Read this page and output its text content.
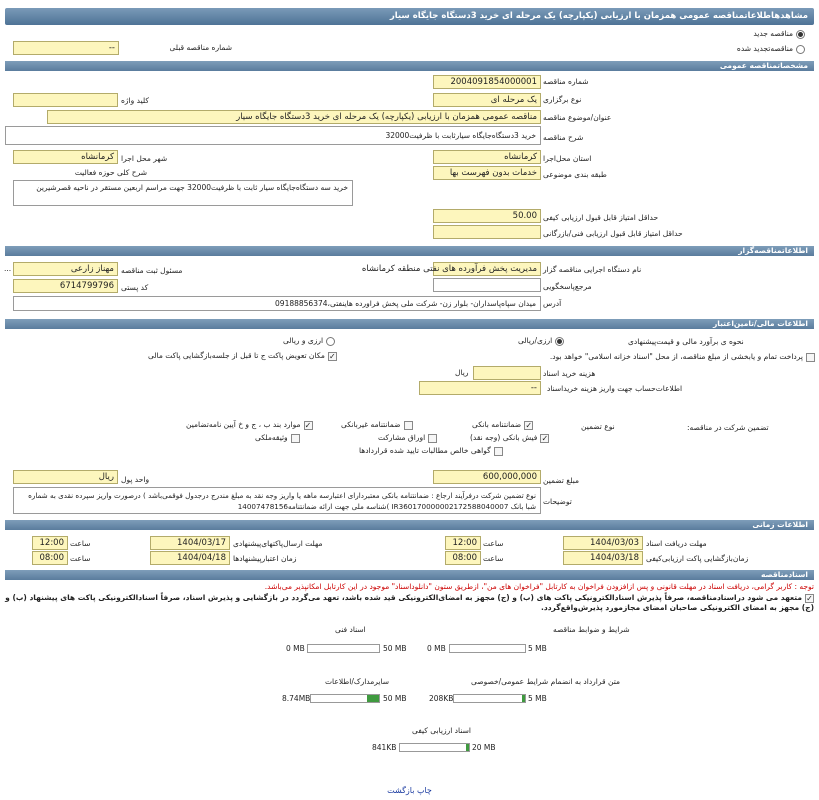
مشاهدهاطلاعاتمناقصه عمومی همزمان با ارزیابی (یکپارچه) یک مرحله ای خرید 3دستگاه جایگاه سیار
مناقصه جدید
مناقصه‌تجدید شده
شماره مناقصه قبلی
--
مشخصاتمناقصه عمومی
شماره مناقصه
2004091854000001
نوع برگزاری
یک مرحله ای
کلید واژه
عنوان/موضوع مناقصه
مناقصه عمومی همزمان با ارزیابی (یکپارچه) یک مرحله ای خرید 3دستگاه جایگاه سیار
شرح مناقصه
خرید 3دستگاه‌جایگاه سیارثابت با ظرفیت32000
استان محل‌اجرا
کرمانشاه
شهر محل اجرا
کرمانشاه
طبقه بندی موضوعی
خدمات بدون فهرست بها
شرح کلی حوزه فعالیت
خرید سه دستگاه‌جایگاه سیار ثابت با ظرفیت32000 جهت مراسم اربعین مستقر در ناحیه قصرشیرین
حداقل امتیاز قابل قبول ارزیابی کیفی
50.00
حداقل امتیاز قابل قبول ارزیابی فنی/بازرگانی
اطلاعاتمناقصه‌گزار
نام دستگاه اجرایی مناقصه گزار
مدیریت پخش فرآورده های نفتی منطقه کرمانشاه
مسئول ثبت مناقصه
مهناز زارعی
...
مرجع‌پاسخگویی
کد پستی
6714799796
آدرس
میدان سپاه‌پاسداران- بلوار زن- شرکت ملی پخش فراورده هاینفتی،09188856374
اطلاعات مالی/تامین‌اعتبار
نحوه ی برآورد مالی و قیمت‌پیشنهادی
ارزی/ریالی
ارزی و ریالی
پرداخت تمام و یابخشی از مبلغ مناقصه، از محل "اسناد خزانه اسلامی" خواهد بود.
✓مکان تعویض پاکت ج تا قبل از جلسه‌بازگشایی پاکت مالی
هزینه خرید اسناد
ریال
اطلاعات‌حساب جهت واریز هزینه خریداسناد
--
تضمین شرکت در مناقصه:
نوع تضمین
✓ضمانتنامه بانکی
ضمانتنامه غیربانکی
✓موارد بند ب ، ج و خ آیین نامه‌تضامین
✓فیش بانکی (وجه نقد)
اوراق مشارکت
وثیقه‌ملکی
گواهی خالص مطالبات تایید شده قراردادها
مبلغ تضمین
600,000,000
واحد پول
ریال
توضیحات
نوع تضمین شرکت درفرآیند ارجاع : ضمانتنامه بانکی معتبردارای اعتبارسه ماهه یا واریز وجه نقد به مبلغ مندرج درجدول فوقمی‌باشد ) درصورت واریز سپرده نقدی به شماره شبا بانک IR360170000002172588040007 )شناسه ملی جهت ارائه ضمانتنامه14007478156
اطلاعات زمانی
مهلت دریافت اسناد
1404/03/03
ساعت
12:00
مهلت ارسال‌پاکتهای‌پیشنهادی
1404/03/17
ساعت
12:00
زمان‌بازگشایی پاکت ارزیابی‌کیفی
1404/03/18
ساعت
08:00
زمان اعتبارپیشنهادها
1404/04/18
ساعت
08:00
اسنادمناقصه
توجه : کاربر گرامی، دریافت اسناد در مهلت قانونی و پس ازافزودن فراخوان به کارتابل "فراخوان های من"، ازطریق ستون "دانلوداسناد" موجود در این کارتابل امکانپذیر می‌باشد.
✓متعهد می شود دراسنادمناقصه، صرفاً پذیرش اسنادالکترونیکی پاکت های (ب) و (ج) مجهز به امضای‌الکترونیکی قید شده باشد، تعهد می‌گردد در بازگشایی و پذیرش اسناد، صرفاً اسنادالکترونیکی پاکت های پیشنهاد (ب) و (ج) مجهز به امضای الکترونیکی صاحبان امضای مجازمورد پذیرش‌واقع‌گردد.
شرایط و ضوابط مناقصه
5 MB
0 MB
اسناد فنی
50 MB
0 MB
متن قرارداد به انضمام شرایط عمومی/خصوصی
5 MB
208KB
سایرمدارک/اطلاعات
50 MB
8.74MB
اسناد ارزیابی کیفی
20 MB
841KB
چاپ بازگشت
